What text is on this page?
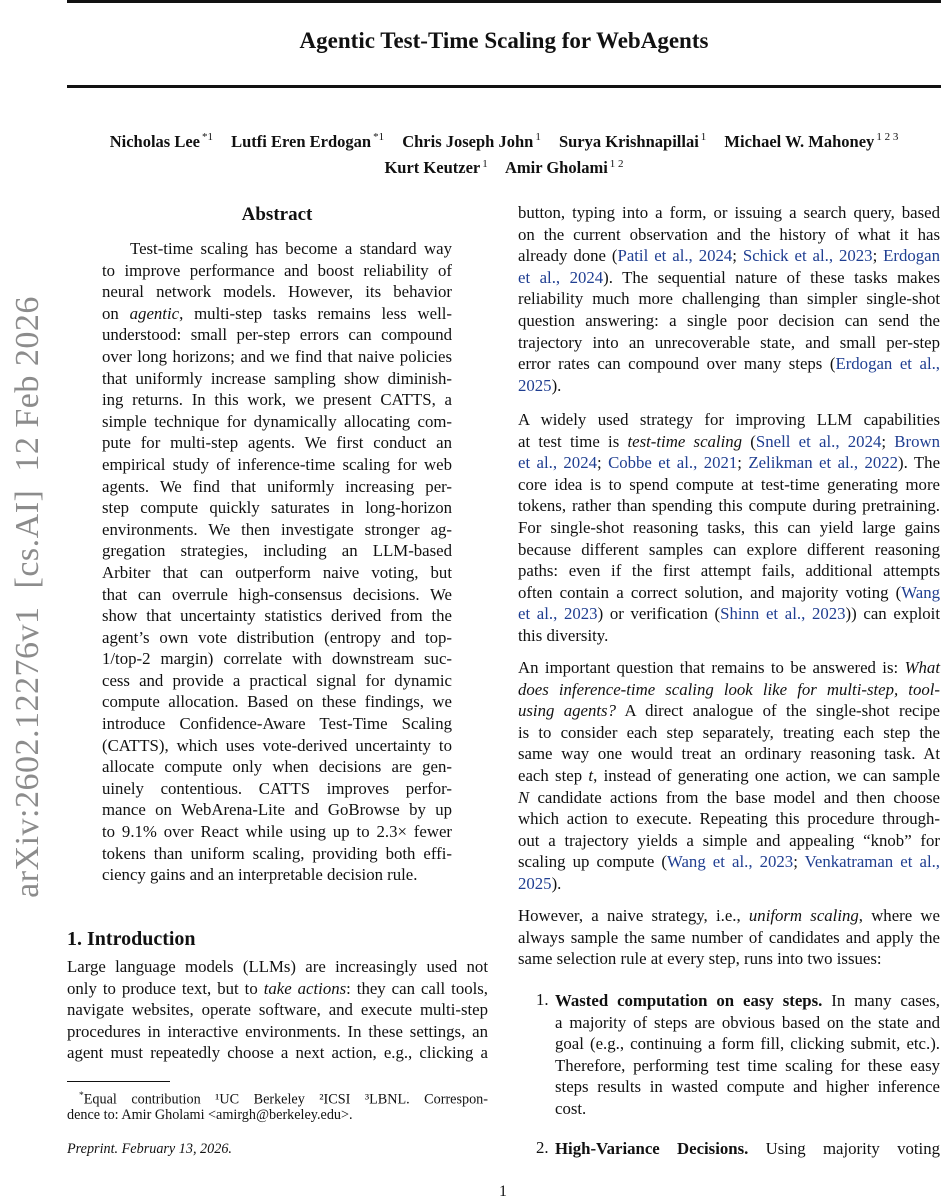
Agentic Test-Time Scaling for WebAgents
Nicholas Lee $^{*1}$ Lutfi Eren Erdogan $^{*1}$ Chris Joseph John $^1$ Surya Krishnapillai $^1$ Michael W. Mahoney $^{1 2 3}$
Kurt Keutzer $^1$ Amir Gholami $^{1 2}$
arXiv:2602.12276v1  [cs.AI]  12 Feb 2026
Abstract
Test-time scaling has become a standard way
to improve performance and boost reliability of
neural network models. However, its behavior
on agentic, multi-step tasks remains less well-
understood: small per-step errors can compound
over long horizons; and we find that naive policies
that uniformly increase sampling show diminish-
ing returns. In this work, we present CATTS, a
simple technique for dynamically allocating com-
pute for multi-step agents. We first conduct an
empirical study of inference-time scaling for web
agents. We find that uniformly increasing per-
step compute quickly saturates in long-horizon
environments. We then investigate stronger ag-
gregation strategies, including an LLM-based
Arbiter that can outperform naive voting, but
that can overrule high-consensus decisions. We
show that uncertainty statistics derived from the
agent’s own vote distribution (entropy and top-
1/top-2 margin) correlate with downstream suc-
cess and provide a practical signal for dynamic
compute allocation. Based on these findings, we
introduce Confidence-Aware Test-Time Scaling
(CATTS), which uses vote-derived uncertainty to
allocate compute only when decisions are gen-
uinely contentious. CATTS improves perfor-
mance on WebArena-Lite and GoBrowse by up
to 9.1% over React while using up to 2.3× fewer
tokens than uniform scaling, providing both effi-
ciency gains and an interpretable decision rule.
1. Introduction
Large language models (LLMs) are increasingly used not
only to produce text, but to take actions: they can call tools,
navigate websites, operate software, and execute multi-step
procedures in interactive environments. In these settings, an
agent must repeatedly choose a next action, e.g., clicking a
button, typing into a form, or issuing a search query, based
on the current observation and the history of what it has
already done (Patil et al., 2024; Schick et al., 2023; Erdogan
et al., 2024). The sequential nature of these tasks makes
reliability much more challenging than simpler single-shot
question answering: a single poor decision can send the
trajectory into an unrecoverable state, and small per-step
error rates can compound over many steps (Erdogan et al.,
2025).
A widely used strategy for improving LLM capabilities
at test time is test-time scaling (Snell et al., 2024; Brown
et al., 2024; Cobbe et al., 2021; Zelikman et al., 2022). The
core idea is to spend compute at test-time generating more
tokens, rather than spending this compute during pretraining.
For single-shot reasoning tasks, this can yield large gains
because different samples can explore different reasoning
paths: even if the first attempt fails, additional attempts
often contain a correct solution, and majority voting (Wang
et al., 2023) or verification (Shinn et al., 2023)) can exploit
this diversity.
An important question that remains to be answered is: What
does inference-time scaling look like for multi-step, tool-
using agents? A direct analogue of the single-shot recipe
is to consider each step separately, treating each step the
same way one would treat an ordinary reasoning task. At
each step t, instead of generating one action, we can sample
N candidate actions from the base model and then choose
which action to execute. Repeating this procedure through-
out a trajectory yields a simple and appealing “knob” for
scaling up compute (Wang et al., 2023; Venkatraman et al.,
2025).
However, a naive strategy, i.e., uniform scaling, where we
always sample the same number of candidates and apply the
same selection rule at every step, runs into two issues:
1. Wasted computation on easy steps. In many cases,
a majority of steps are obvious based on the state and
goal (e.g., continuing a form fill, clicking submit, etc.).
Therefore, performing test time scaling for these easy
steps results in wasted compute and higher inference
cost.
2. High-Variance Decisions. Using majority voting
*Equal contribution ¹UC Berkeley ²ICSI ³LBNL. Correspon-
dence to: Amir Gholami <amirgh@berkeley.edu>.
Preprint. February 13, 2026.
1
